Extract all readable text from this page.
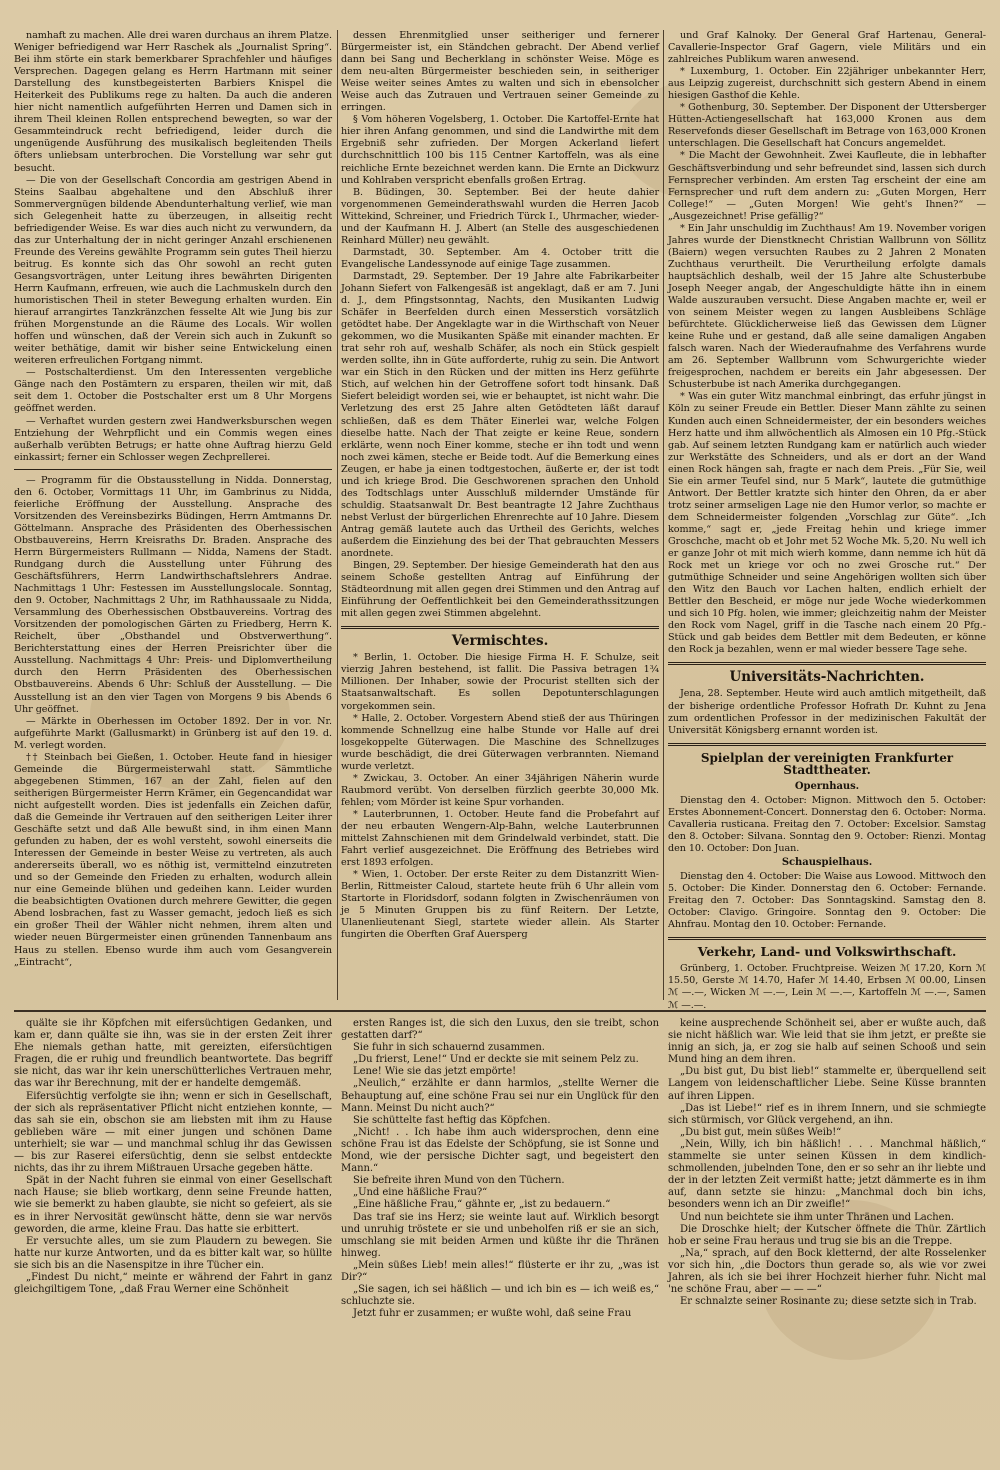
namhaft zu machen. Alle drei waren durchaus an ihrem Platze. Weniger befriedigend war Herr Raschek als „Journalist Spring“. Bei ihm störte ein stark bemerkbarer Sprachfehler und häufiges Versprechen. Dagegen gelang es Herrn Hartmann mit seiner Darstellung des kunstbegeisterten Barbiers Knispel die Heiterkeit des Publikums rege zu halten. Da auch die anderen hier nicht namentlich aufgeführten Herren und Damen sich in ihrem Theil kleinen Rollen entsprechend bewegten, so war der Gesammteindruck recht befriedigend, leider durch die ungenügende Ausführung des musikalisch begleitenden Theils öfters unliebsam unterbrochen. Die Vorstellung war sehr gut besucht.

— Die von der Gesellschaft Concordia am gestrigen Abend in Steins Saalbau abgehaltene und den Abschluß ihrer Sommervergnügen bildende Abendunterhaltung verlief, wie man sich Gelegenheit hatte zu überzeugen, in allseitig recht befriedigender Weise. Es war dies auch nicht zu verwundern, da das zur Unterhaltung der in nicht geringer Anzahl erschienenen Freunde des Vereins gewählte Programm sein gutes Theil hierzu beitrug. Es konnte sich das Ohr sowohl an recht guten Gesangsvorträgen, unter Leitung ihres bewährten Dirigenten Herrn Kaufmann, erfreuen, wie auch die Lachmuskeln durch den humoristischen Theil in steter Bewegung erhalten wurden. Ein hierauf arrangirtes Tanzkränzchen fesselte Alt wie Jung bis zur frühen Morgenstunde an die Räume des Locals. Wir wollen hoffen und wünschen, daß der Verein sich auch in Zukunft so weiter bethätige, damit wir bisher seine Entwickelung einen weiteren erfreulichen Fortgang nimmt.

— Postschalterdienst. Um den Interessenten vergebliche Gänge nach den Postämtern zu ersparen, theilen wir mit, daß seit dem 1. October die Postschalter erst um 8 Uhr Morgens geöffnet werden.

— Verhaftet wurden gestern zwei Handwerksburschen wegen Entziehung der Wehrpflicht und ein Commis wegen eines außerhalb verübten Betrugs; er hatte ohne Auftrag hierzu Geld einkassirt; ferner ein Schlosser wegen Zechprellerei.

— Programm für die Obstausstellung in Nidda. Donnerstag, den 6. October, Vormittags 11 Uhr, im Gambrinus zu Nidda, feierliche Eröffnung der Ausstellung. Ansprache des Vorsitzenden des Vereinsbezirks Büdingen, Herrn Amtmanns Dr. Göttelmann. Ansprache des Präsidenten des Oberhessischen Obstbauvereins, Herrn Kreisraths Dr. Braden. Ansprache des Herrn Bürgermeisters Rullmann — Nidda, Namens der Stadt. Rundgang durch die Ausstellung unter Führung des Geschäftsführers, Herrn Landwirthschaftslehrers Andrae. Nachmittags 1 Uhr: Festessen im Ausstellungslocale. Sonntag, den 9. October, Nachmittags 2 Uhr, im Rathhaussaale zu Nidda, Versammlung des Oberhessischen Obstbauvereins. Vortrag des Vorsitzenden der pomologischen Gärten zu Friedberg, Herrn K. Reichelt, über „Obsthandel und Obstverwerthung“. Berichterstattung eines der Herren Preisrichter über die Ausstellung. Nachmittags 4 Uhr: Preis- und Diplomvertheilung durch den Herrn Präsidenten des Oberhessischen Obstbauvereins. Abends 6 Uhr: Schluß der Ausstellung. — Die Ausstellung ist an den vier Tagen von Morgens 9 bis Abends 6 Uhr geöffnet.

— Märkte in Oberhessen im October 1892. Der in vor. Nr. aufgeführte Markt (Gallusmarkt) in Grünberg ist auf den 19. d. M. verlegt worden.

†† Steinbach bei Gießen, 1. October. Heute fand in hiesiger Gemeinde die Bürgermeisterwahl statt. Sämmtliche abgegebenen Stimmen, 167 an der Zahl, fielen auf den seitherigen Bürgermeister Herrn Krämer, ein Gegencandidat war nicht aufgestellt worden. Dies ist jedenfalls ein Zeichen dafür, daß die Gemeinde ihr Vertrauen auf den seitherigen Leiter ihrer Geschäfte setzt und daß Alle bewußt sind, in ihm einen Mann gefunden zu haben, der es wohl versteht, sowohl einerseits die Interessen der Gemeinde in bester Weise zu vertreten, als auch andererseits überall, wo es nöthig ist, vermittelnd einzutreten und so der Gemeinde den Frieden zu erhalten, wodurch allein nur eine Gemeinde blühen und gedeihen kann. Leider wurden die beabsichtigten Ovationen durch mehrere Gewitter, die gegen Abend losbrachen, fast zu Wasser gemacht, jedoch ließ es sich ein großer Theil der Wähler nicht nehmen, ihrem alten und wieder neuen Bürgermeister einen grünenden Tannenbaum ans Haus zu stellen. Ebenso wurde ihm auch vom Gesangverein „Eintracht“,

dessen Ehrenmitglied unser seitheriger und fernerer Bürgermeister ist, ein Ständchen gebracht. Der Abend verlief dann bei Sang und Becherklang in schönster Weise. Möge es dem neu-alten Bürgermeister beschieden sein, in seitheriger Weise weiter seines Amtes zu walten und sich in ebensolcher Weise auch das Zutrauen und Vertrauen seiner Gemeinde zu erringen.

§ Vom höheren Vogelsberg, 1. October. Die Kartoffel-Ernte hat hier ihren Anfang genommen, und sind die Landwirthe mit dem Ergebniß sehr zufrieden. Der Morgen Ackerland liefert durchschnittlich 100 bis 115 Centner Kartoffeln, was als eine reichliche Ernte bezeichnet werden kann. Die Ernte an Dickwurz und Kohlraben verspricht ebenfalls großen Ertrag.

B. Büdingen, 30. September. Bei der heute dahier vorgenommenen Gemeinderathswahl wurden die Herren Jacob Wittekind, Schreiner, und Friedrich Türck I., Uhrmacher, wieder- und der Kaufmann H. J. Albert (an Stelle des ausgeschiedenen Reinhard Müller) neu gewählt.

Darmstadt, 30. September. Am 4. October tritt die Evangelische Landessynode auf einige Tage zusammen.

Darmstadt, 29. September. Der 19 Jahre alte Fabrikarbeiter Johann Siefert von Falkengesäß ist angeklagt, daß er am 7. Juni d. J., dem Pfingstsonntag, Nachts, den Musikanten Ludwig Schäfer in Beerfelden durch einen Messerstich vorsätzlich getödtet habe. Der Angeklagte war in die Wirthschaft von Neuer gekommen, wo die Musikanten Späße mit einander machten. Er trat sehr roh auf, weshalb Schäfer, als noch ein Stück gespielt werden sollte, ihn in Güte aufforderte, ruhig zu sein. Die Antwort war ein Stich in den Rücken und der mitten ins Herz geführte Stich, auf welchen hin der Getroffene sofort todt hinsank. Daß Siefert beleidigt worden sei, wie er behauptet, ist nicht wahr. Die Verletzung des erst 25 Jahre alten Getödteten läßt darauf schließen, daß es dem Thäter Einerlei war, welche Folgen dieselbe hatte. Nach der That zeigte er keine Reue, sondern erklärte, wenn noch Einer komme, steche er ihn todt und wenn noch zwei kämen, steche er Beide todt. Auf die Bemerkung eines Zeugen, er habe ja einen todtgestochen, äußerte er, der ist todt und ich kriege Brod. Die Geschworenen sprachen den Unhold des Todtschlags unter Ausschluß mildernder Umstände für schuldig. Staatsanwalt Dr. Best beantragte 12 Jahre Zuchthaus nebst Verlust der bürgerlichen Ehrenrechte auf 10 Jahre. Diesem Antrag gemäß lautete auch das Urtheil des Gerichts, welches außerdem die Einziehung des bei der That gebrauchten Messers anordnete.

Bingen, 29. September. Der hiesige Gemeinderath hat den aus seinem Schoße gestellten Antrag auf Einführung der Städteordnung mit allen gegen drei Stimmen und den Antrag auf Einführung der Oeffentlichkeit bei den Gemeinderathssitzungen mit allen gegen zwei Stimmen abgelehnt.

Vermischtes.

* Berlin, 1. October. Die hiesige Firma H. F. Schulze, seit vierzig Jahren bestehend, ist fallit. Die Passiva betragen 1¾ Millionen. Der Inhaber, sowie der Procurist stellten sich der Staatsanwaltschaft. Es sollen Depotunterschlagungen vorgekommen sein.

* Halle, 2. October. Vorgestern Abend stieß der aus Thüringen kommende Schnellzug eine halbe Stunde vor Halle auf drei losgekoppelte Güterwagen. Die Maschine des Schnellzuges wurde beschädigt, die drei Güterwagen verbrannten. Niemand wurde verletzt.

* Zwickau, 3. October. An einer 34jährigen Näherin wurde Raubmord verübt. Von derselben fürzlich geerbte 30,000 Mk. fehlen; vom Mörder ist keine Spur vorhanden.

* Lauterbrunnen, 1. October. Heute fand die Probefahrt auf der neu erbauten Wengern-Alp-Bahn, welche Lauterbrunnen mittelst Zahnschienen mit dem Grindelwald verbindet, statt. Die Fahrt verlief ausgezeichnet. Die Eröffnung des Betriebes wird erst 1893 erfolgen.

* Wien, 1. October. Der erste Reiter zu dem Distanzritt Wien-Berlin, Rittmeister Caloud, startete heute früh 6 Uhr allein vom Startorte in Floridsdorf, sodann folgten in Zwischenräumen von je 5 Minuten Gruppen bis zu fünf Reitern. Der Letzte, Ulanenlieutenant Siegl, startete wieder allein. Als Starter fungirten die Oberften Graf Auersperg

und Graf Kalnoky. Der General Graf Hartenau, General-Cavallerie-Inspector Graf Gagern, viele Militärs und ein zahlreiches Publikum waren anwesend.

* Luxemburg, 1. October. Ein 22jähriger unbekannter Herr, aus Leipzig zugereist, durchschnitt sich gestern Abend in einem hiesigen Gasthof die Kehle.

* Gothenburg, 30. September. Der Disponent der Uttersberger Hütten-Actiengesellschaft hat 163,000 Kronen aus dem Reservefonds dieser Gesellschaft im Betrage von 163,000 Kronen unterschlagen. Die Gesellschaft hat Concurs angemeldet.

* Die Macht der Gewohnheit. Zwei Kaufleute, die in lebhafter Geschäftsverbindung und sehr befreundet sind, lassen sich durch Fernsprecher verbinden. Am ersten Tag erscheint der eine am Fernsprecher und ruft dem andern zu: „Guten Morgen, Herr College!“ — „Guten Morgen! Wie geht's Ihnen?“ — „Ausgezeichnet! Prise gefällig?“

* Ein Jahr unschuldig im Zuchthaus! Am 19. November vorigen Jahres wurde der Dienstknecht Christian Wallbrunn von Söllitz (Baiern) wegen versuchten Raubes zu 2 Jahren 2 Monaten Zuchthaus verurtheilt. Die Verurtheilung erfolgte damals hauptsächlich deshalb, weil der 15 Jahre alte Schusterbube Joseph Neeger angab, der Angeschuldigte hätte ihn in einem Walde auszurauben versucht. Diese Angaben machte er, weil er von seinem Meister wegen zu langen Ausbleibens Schläge befürchtete. Glücklicherweise ließ das Gewissen dem Lügner keine Ruhe und er gestand, daß alle seine damaligen Angaben falsch waren. Nach der Wiederaufnahme des Verfahrens wurde am 26. September Wallbrunn vom Schwurgerichte wieder freigesprochen, nachdem er bereits ein Jahr abgesessen. Der Schusterbube ist nach Amerika durchgegangen.

* Was ein guter Witz manchmal einbringt, das erfuhr jüngst in Köln zu seiner Freude ein Bettler. Dieser Mann zählte zu seinen Kunden auch einen Schneidermeister, der ein besonders weiches Herz hatte und ihm allwöchentlich als Almosen ein 10 Pfg.-Stück gab. Auf seinem letzten Rundgang kam er natürlich auch wieder zur Werkstätte des Schneiders, und als er dort an der Wand einen Rock hängen sah, fragte er nach dem Preis. „Für Sie, weil Sie ein armer Teufel sind, nur 5 Mark“, lautete die gutmüthige Antwort. Der Bettler kratzte sich hinter den Ohren, da er aber trotz seiner armseligen Lage nie den Humor verlor, so machte er dem Schneidermeister folgenden „Vorschlag zur Güte“. „Ich komme,“ sagt er, „jede Freitag hehin und kriege immer Groschche, macht ob et Johr met 52 Woche Mk. 5,20. Nu well ich er ganze Johr ot mit mich wierh komme, dann nemme ich hüt dä Rock met un kriege vor och no zwei Grosche rut.“ Der gutmüthige Schneider und seine Angehörigen wollten sich über den Witz den Bauch vor Lachen halten, endlich erhielt der Bettler den Bescheid, er möge nur jede Woche wiederkommen und sich 10 Pfg. holen, wie immer; gleichzeitig nahm der Meister den Rock vom Nagel, griff in die Tasche nach einem 20 Pfg.-Stück und gab beides dem Bettler mit dem Bedeuten, er könne den Rock ja bezahlen, wenn er mal wieder bessere Tage sehe.

Universitäts-Nachrichten.

Jena, 28. September. Heute wird auch amtlich mitgetheilt, daß der bisherige ordentliche Professor Hofrath Dr. Kuhnt zu Jena zum ordentlichen Professor in der medizinischen Fakultät der Universität Königsberg ernannt worden ist.

Spielplan der vereinigten Frankfurter Stadttheater.
Opernhaus.

Dienstag den 4. October: Mignon. Mittwoch den 5. October: Erstes Abonnement-Concert. Donnerstag den 6. October: Norma. Cavalleria rusticana. Freitag den 7. October: Excelsior. Samstag den 8. October: Silvana. Sonntag den 9. October: Rienzi. Montag den 10. October: Don Juan.

Schauspielhaus.

Dienstag den 4. October: Die Waise aus Lowood. Mittwoch den 5. October: Die Kinder. Donnerstag den 6. October: Fernande. Freitag den 7. October: Das Sonntagskind. Samstag den 8. October: Clavigo. Gringoire. Sonntag den 9. October: Die Ahnfrau. Montag den 10. October: Fernande.

Verkehr, Land- und Volkswirthschaft.

Grünberg, 1. October. Fruchtpreise. Weizen ℳ 17.20, Korn ℳ 15.50, Gerste ℳ 14.70, Hafer ℳ 14.40, Erbsen ℳ 00.00, Linsen ℳ —.—, Wicken ℳ —.—, Lein ℳ —.—, Kartoffeln ℳ —.—, Samen ℳ —.—.

quälte sie ihr Köpfchen mit eifersüchtigen Gedanken, und kam er, dann quälte sie ihn, was sie in der ersten Zeit ihrer Ehe niemals gethan hatte, mit gereizten, eifersüchtigen Fragen, die er ruhig und freundlich beantwortete. Das begriff sie nicht, das war ihr kein unerschütterliches Vertrauen mehr, das war ihr Berechnung, mit der er handelte demgemäß.

Eifersüchtig verfolgte sie ihn; wenn er sich in Gesellschaft, der sich als repräsentativer Pflicht nicht entziehen konnte, — das sah sie ein, obschon sie am liebsten mit ihm zu Hause geblieben wäre — mit einer jungen und schönen Dame unterhielt; sie war — und manchmal schlug ihr das Gewissen — bis zur Raserei eifersüchtig, denn sie selbst entdeckte nichts, das ihr zu ihrem Mißtrauen Ursache gegeben hätte.

Spät in der Nacht fuhren sie einmal von einer Gesellschaft nach Hause; sie blieb wortkarg, denn seine Freunde hatten, wie sie bemerkt zu haben glaubte, sie nicht so gefeiert, als sie es in ihrer Nervosität gewünscht hätte, denn sie war nervös geworden, die arme, kleine Frau. Das hatte sie erbittert.

Er versuchte alles, um sie zum Plaudern zu bewegen. Sie hatte nur kurze Antworten, und da es bitter kalt war, so hüllte sie sich bis an die Nasenspitze in ihre Tücher ein.

„Findest Du nicht,“ meinte er während der Fahrt in ganz gleichgiltigem Tone, „daß Frau Werner eine Schönheit

ersten Ranges ist, die sich den Luxus, den sie treibt, schon gestatten darf?“

Sie fuhr in sich schauernd zusammen.

„Du frierst, Lene!“ Und er deckte sie mit seinem Pelz zu.

Lene! Wie sie das jetzt empörte!

„Neulich,“ erzählte er dann harmlos, „stellte Werner die Behauptung auf, eine schöne Frau sei nur ein Unglück für den Mann. Meinst Du nicht auch?“

Sie schüttelte fast heftig das Köpfchen.

„Nicht! . . Ich habe ihm auch widersprochen, denn eine schöne Frau ist das Edelste der Schöpfung, sie ist Sonne und Mond, wie der persische Dichter sagt, und begeistert den Mann.“

Sie befreite ihren Mund von den Tüchern.

„Und eine häßliche Frau?“

„Eine häßliche Frau,“ gähnte er, „ist zu bedauern.“

Das traf sie ins Herz; sie weinte laut auf. Wirklich besorgt und unruhig tröstete er sie und unbeholfen riß er sie an sich, umschlang sie mit beiden Armen und küßte ihr die Thränen hinweg.

„Mein süßes Lieb! mein alles!“ flüsterte er ihr zu, „was ist Dir?“

„Sie sagen, ich sei häßlich — und ich bin es — ich weiß es,“ schluchzte sie.

Jetzt fuhr er zusammen; er wußte wohl, daß seine Frau

keine ausprechende Schönheit sei, aber er wußte auch, daß sie nicht häßlich war. Wie leid that sie ihm jetzt, er preßte sie innig an sich, ja, er zog sie halb auf seinen Schooß und sein Mund hing an dem ihren.

„Du bist gut, Du bist lieb!“ stammelte er, überquellend seit Langem von leidenschaftlicher Liebe. Seine Küsse brannten auf ihren Lippen.

„Das ist Liebe!“ rief es in ihrem Innern, und sie schmiegte sich stürmisch, vor Glück vergehend, an ihn.

„Du bist gut, mein süßes Weib!“

„Nein, Willy, ich bin häßlich! . . . Manchmal häßlich,“ stammelte sie unter seinen Küssen in dem kindlich-schmollenden, jubelnden Tone, den er so sehr an ihr liebte und der in der letzten Zeit vermißt hatte; jetzt dämmerte es in ihm auf, dann setzte sie hinzu: „Manchmal doch bin ichs, besonders wenn ich an Dir zweifle!“

Und nun beichtete sie ihm unter Thränen und Lachen.

Die Droschke hielt; der Kutscher öffnete die Thür. Zärtlich hob er seine Frau heraus und trug sie bis an die Treppe.

„Na,“ sprach, auf den Bock kletternd, der alte Rosselenker vor sich hin, „die Doctors thun gerade so, als wie vor zwei Jahren, als ich sie bei ihrer Hochzeit hierher fuhr. Nicht mal 'ne schöne Frau, aber — — —“

Er schnalzte seiner Rosinante zu; diese setzte sich in Trab.
